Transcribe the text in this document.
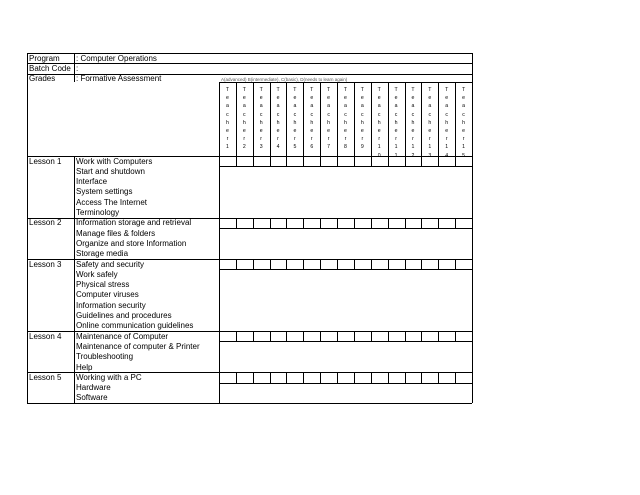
Program : Computer Operations
Batch Code :
Grades	: Formative Assessment	A(advanced) B(intermediate), C(basic), D(needs to learn again)
T
e
a
c
h
e
r
1
T
e
a
c
h
e
r
2
T
e
a
c
h
e
r
3
T
e
a
c
h
e
r
4
T
e
a
c
h
e
r
5
T
e
a
c
h
e
r
6
T
e
a
c
h
e
r
7
T
e
a
c
h
e
r
8
T
e
a
c
h
e
r
9
T
e
a
c
h
e
r
1
T
e
a
c
h
e
r
1
T
e
a
c
h
e
r
1
T
e
a
c
h
e
r
1
T
e
a
c
h
e
r
1
T
e
a
c
h
e
r
1
Lesson 1 Work with Computers
Start and shutdown
Interface
System settings
Access The Internet
Terminology
Lesson 2 Information storage and retrieval
Manage files & folders
Organize and store Information
Storage media
Lesson 3 Safety and security
Work safely
Physical stress
Computer viruses
Information security
Guidelines and procedures
Online communication guidelines
Lesson 4 Maintenance of Computer
Maintenance of computer & Printer
Troubleshooting
Help
Lesson 5 Working with a PC
Hardware
Software
